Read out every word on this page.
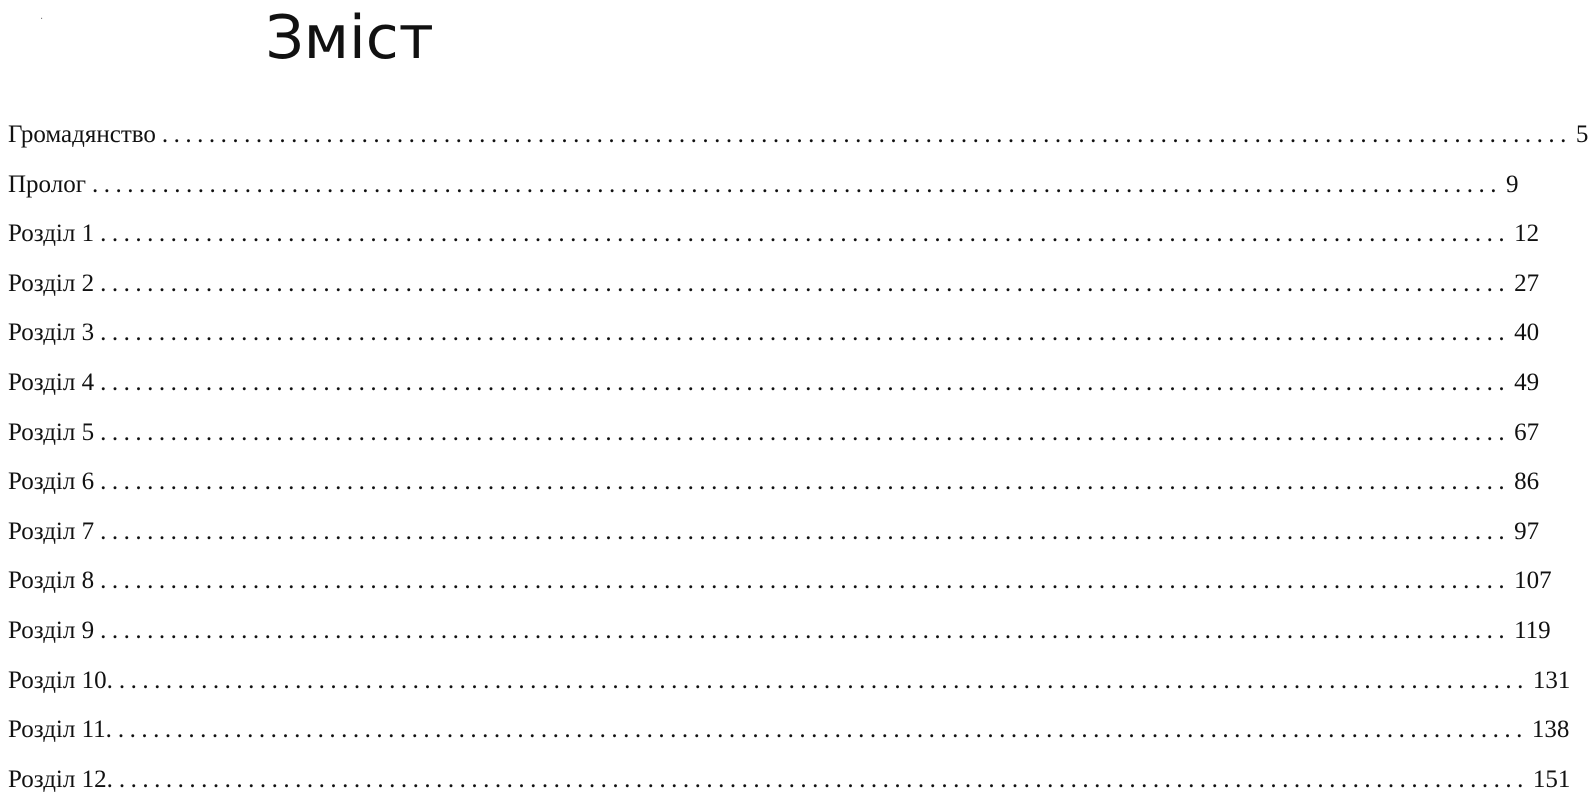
·	Зміст
Громадянство ........................................................................................................................ 5
Пролог ........................................................................................................................ 9
Розділ 1 ........................................................................................................................ 12
Розділ 2 ........................................................................................................................ 27
Розділ 3 ........................................................................................................................ 40
Розділ 4 ........................................................................................................................ 49
Розділ 5 ........................................................................................................................ 67
Розділ 6 ........................................................................................................................ 86
Розділ 7 ........................................................................................................................ 97
Розділ 8 ........................................................................................................................ 107
Розділ 9 ........................................................................................................................ 119
Розділ 10. ........................................................................................................................ 131
Розділ 11. ........................................................................................................................ 138
Розділ 12. ........................................................................................................................ 151
